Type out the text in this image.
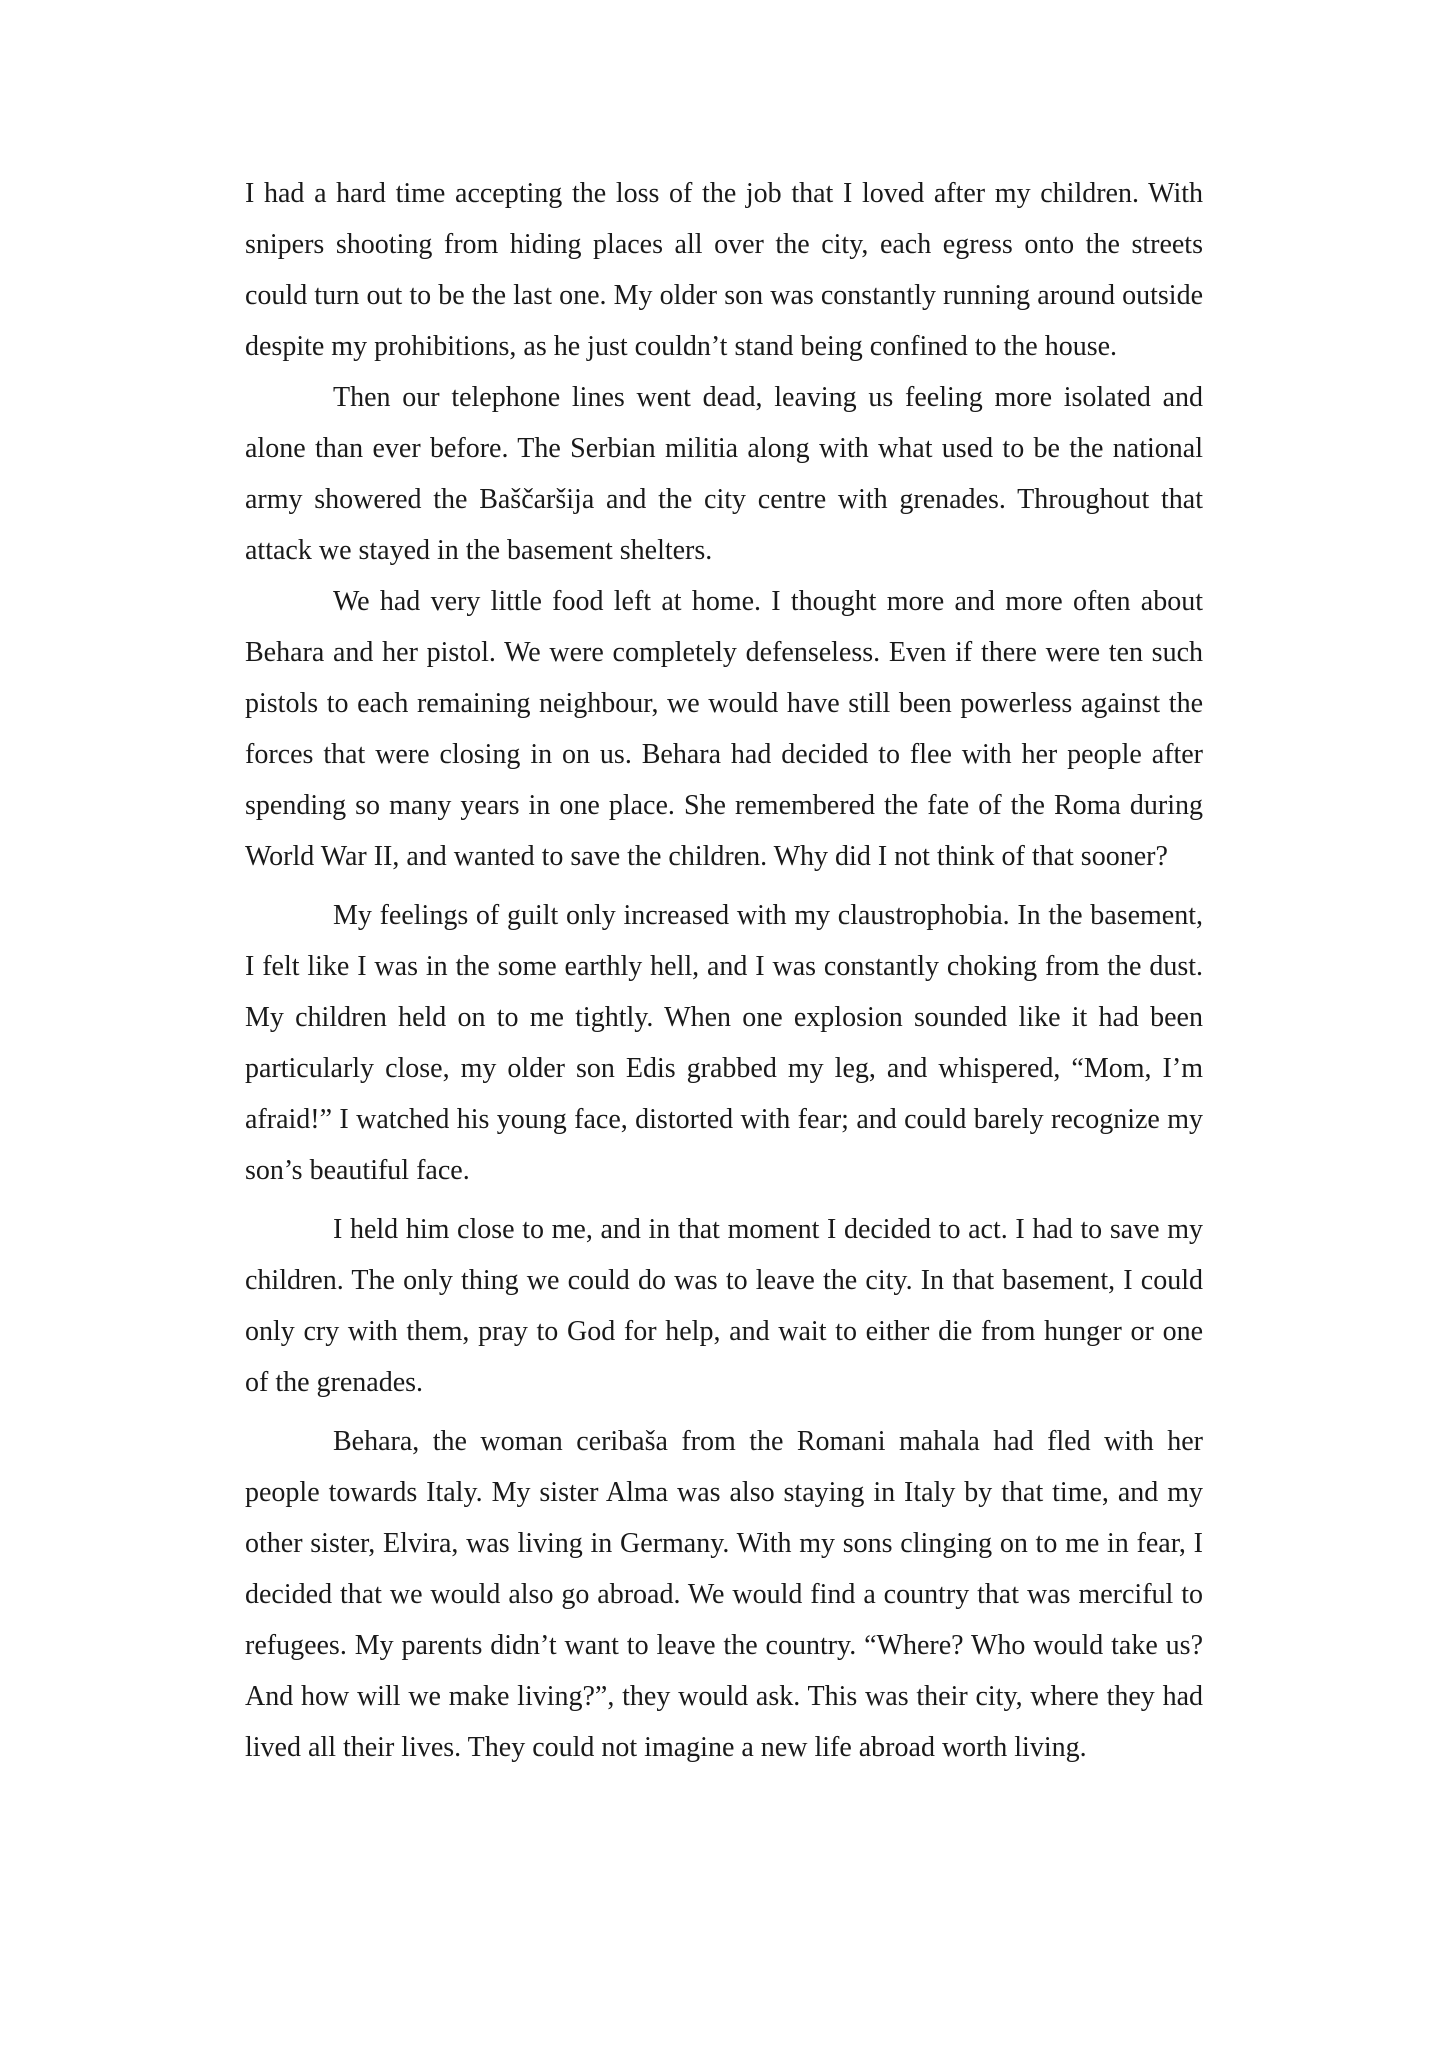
I had a hard time accepting the loss of the job that I loved after my children. With snipers shooting from hiding places all over the city, each egress onto the streets could turn out to be the last one. My older son was constantly running around outside despite my prohibitions, as he just couldn’t stand being confined to the house.

Then our telephone lines went dead, leaving us feeling more isolated and alone than ever before. The Serbian militia along with what used to be the national army showered the Baščaršija and the city centre with grenades. Throughout that attack we stayed in the basement shelters.

We had very little food left at home. I thought more and more often about Behara and her pistol. We were completely defenseless. Even if there were ten such pistols to each remaining neighbour, we would have still been powerless against the forces that were closing in on us. Behara had decided to flee with her people after spending so many years in one place. She remembered the fate of the Roma during World War II, and wanted to save the children. Why did I not think of that sooner?

My feelings of guilt only increased with my claustrophobia. In the basement, I felt like I was in the some earthly hell, and I was constantly choking from the dust. My children held on to me tightly. When one explosion sounded like it had been particularly close, my older son Edis grabbed my leg, and whispered, “Mom, I’m afraid!” I watched his young face, distorted with fear; and could barely recognize my son’s beautiful face.

I held him close to me, and in that moment I decided to act. I had to save my children. The only thing we could do was to leave the city. In that basement, I could only cry with them, pray to God for help, and wait to either die from hunger or one of the grenades.

Behara, the woman ceribaša from the Romani mahala had fled with her people towards Italy. My sister Alma was also staying in Italy by that time, and my other sister, Elvira, was living in Germany. With my sons clinging on to me in fear, I decided that we would also go abroad. We would find a country that was merciful to refugees. My parents didn’t want to leave the country. “Where? Who would take us? And how will we make living?”, they would ask. This was their city, where they had lived all their lives. They could not imagine a new life abroad worth living.
